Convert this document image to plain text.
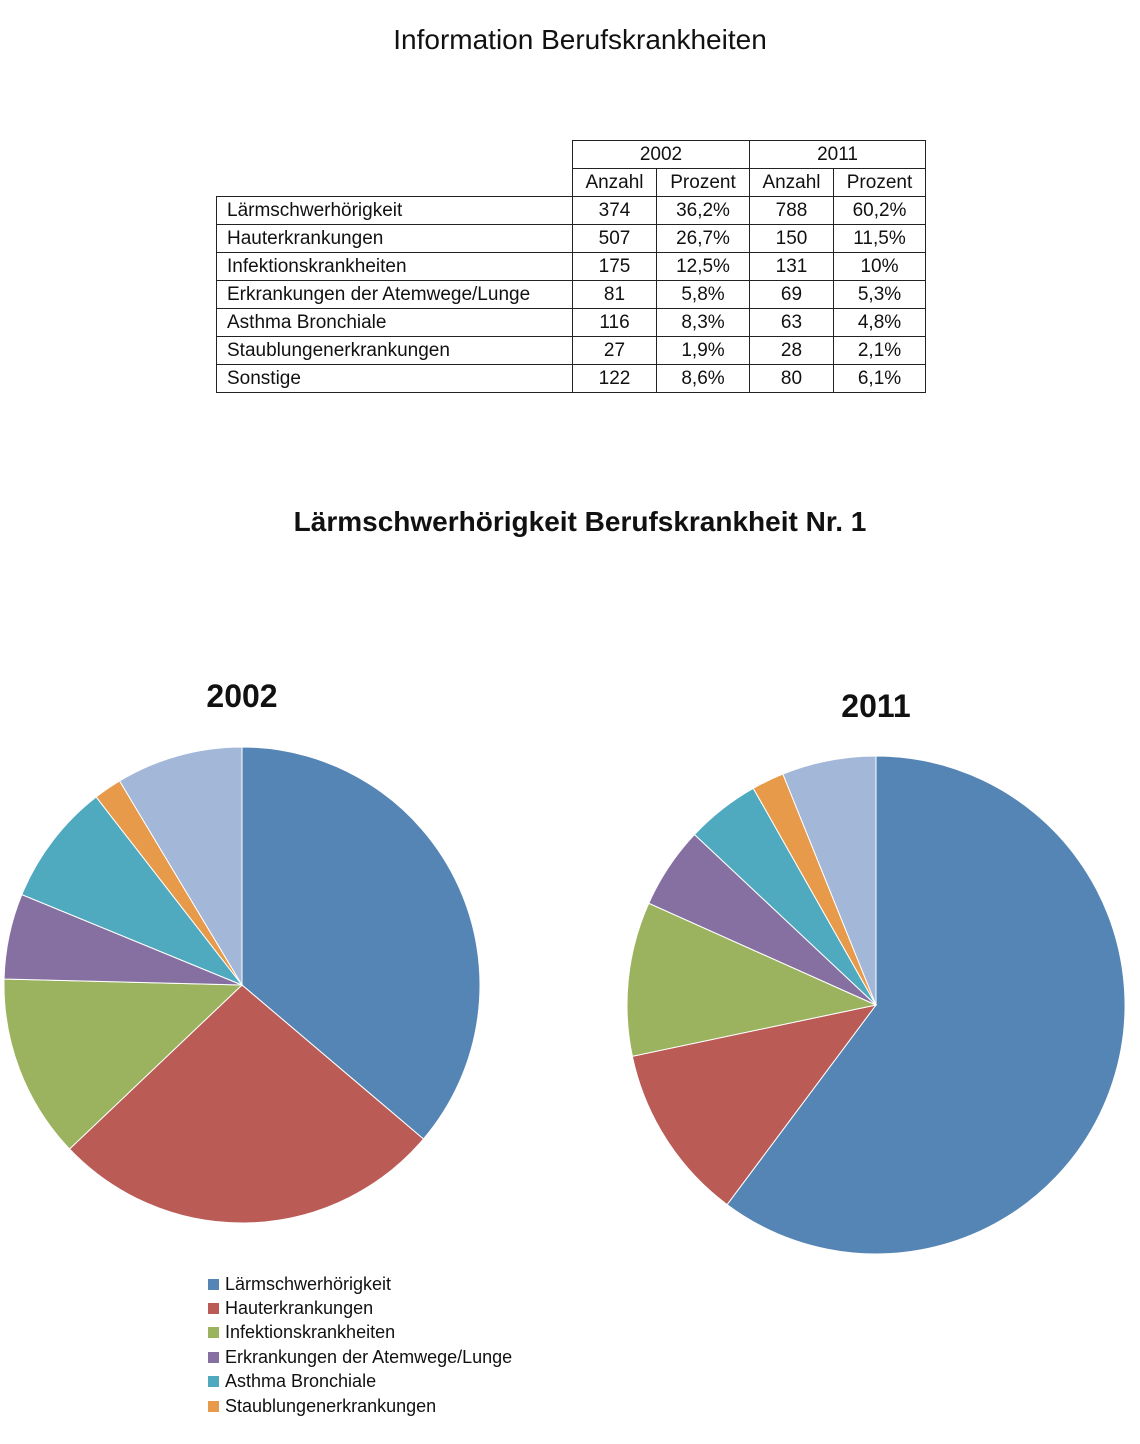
Information Berufskrankheiten
	2002		2011	
	Anzahl	Prozent	Anzahl	Prozent
Lärmschwerhörigkeit	374	36,2%	788	60,2%
Hauterkrankungen	507	26,7%	150	11,5%
Infektionskrankheiten	175	12,5%	131	10%
Erkrankungen der Atemwege/Lunge	81	5,8%	69	5,3%
Asthma Bronchiale	116	8,3%	63	4,8%
Staublungenerkrankungen	27	1,9%	28	2,1%
Sonstige	122	8,6%	80	6,1%
Lärmschwerhörigkeit Berufskrankheit Nr. 1
2002	2011
Lärmschwerhörigkeit
Hauterkrankungen
Infektionskrankheiten
Erkrankungen der Atemwege/Lunge
Asthma Bronchiale
Staublungenerkrankungen
